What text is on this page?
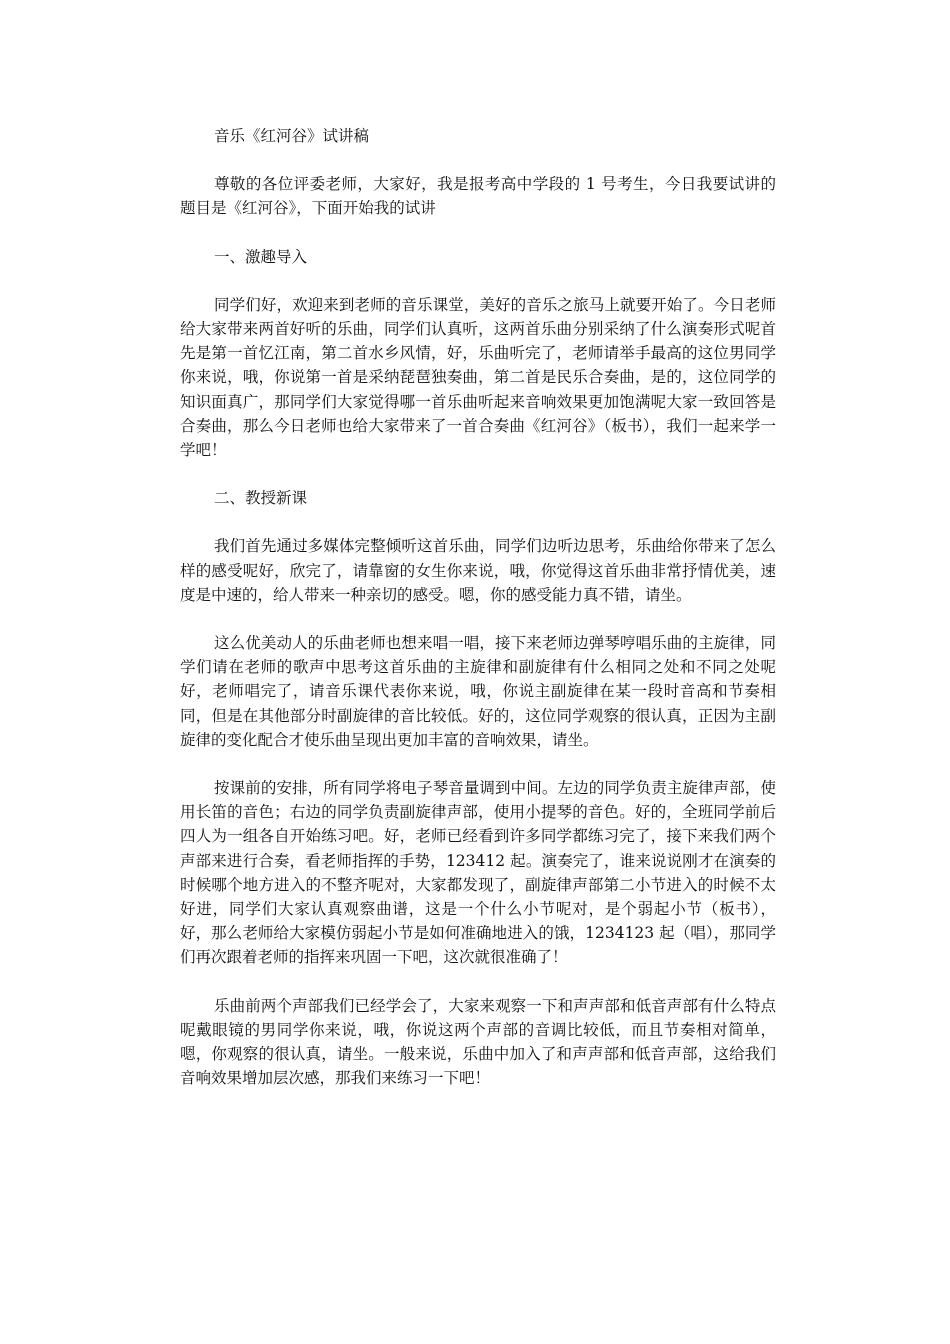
音乐《红河谷》试讲稿

尊敬的各位评委老师，大家好，我是报考高中学段的 1 号考生，今日我要试讲的题目是《红河谷》，下面开始我的试讲

一、激趣导入

同学们好，欢迎来到老师的音乐课堂，美好的音乐之旅马上就要开始了。今日老师给大家带来两首好听的乐曲，同学们认真听，这两首乐曲分别采纳了什么演奏形式呢首先是第一首忆江南，第二首水乡风情，好，乐曲听完了，老师请举手最高的这位男同学你来说，哦，你说第一首是采纳琵琶独奏曲，第二首是民乐合奏曲，是的，这位同学的知识面真广，那同学们大家觉得哪一首乐曲听起来音响效果更加饱满呢大家一致回答是合奏曲，那么今日老师也给大家带来了一首合奏曲《红河谷》（板书），我们一起来学一学吧！

二、教授新课

我们首先通过多媒体完整倾听这首乐曲，同学们边听边思考，乐曲给你带来了怎么样的感受呢好，欣完了，请靠窗的女生你来说，哦，你觉得这首乐曲非常抒情优美，速度是中速的，给人带来一种亲切的感受。嗯，你的感受能力真不错，请坐。

这么优美动人的乐曲老师也想来唱一唱，接下来老师边弹琴哼唱乐曲的主旋律，同学们请在老师的歌声中思考这首乐曲的主旋律和副旋律有什么相同之处和不同之处呢好，老师唱完了，请音乐课代表你来说，哦，你说主副旋律在某一段时音高和节奏相同，但是在其他部分时副旋律的音比较低。好的，这位同学观察的很认真，正因为主副旋律的变化配合才使乐曲呈现出更加丰富的音响效果，请坐。

按课前的安排，所有同学将电子琴音量调到中间。左边的同学负责主旋律声部，使用长笛的音色；右边的同学负责副旋律声部，使用小提琴的音色。好的，全班同学前后四人为一组各自开始练习吧。好，老师已经看到许多同学都练习完了，接下来我们两个声部来进行合奏，看老师指挥的手势，123412 起。演奏完了，谁来说说刚才在演奏的时候哪个地方进入的不整齐呢对，大家都发现了，副旋律声部第二小节进入的时候不太好进，同学们大家认真观察曲谱，这是一个什么小节呢对，是个弱起小节（板书），好，那么老师给大家模仿弱起小节是如何准确地进入的饿，1234123 起（唱），那同学们再次跟着老师的指挥来巩固一下吧，这次就很准确了！

乐曲前两个声部我们已经学会了，大家来观察一下和声声部和低音声部有什么特点呢戴眼镜的男同学你来说，哦，你说这两个声部的音调比较低，而且节奏相对简单，嗯，你观察的很认真，请坐。一般来说，乐曲中加入了和声声部和低音声部，这给我们音响效果增加层次感，那我们来练习一下吧！
